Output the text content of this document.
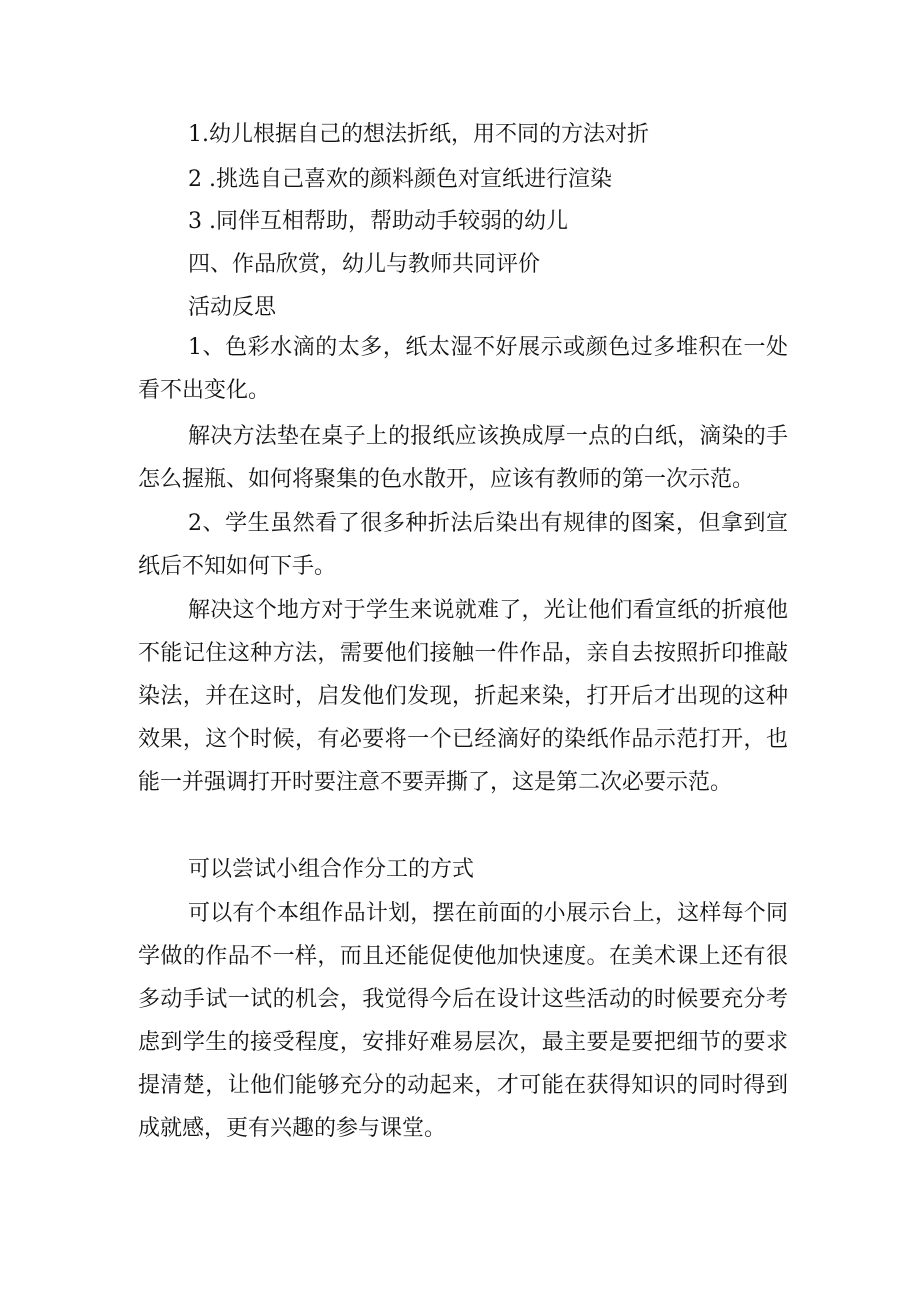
1.幼儿根据自己的想法折纸，用不同的方法对折
2 .挑选自己喜欢的颜料颜色对宣纸进行渲染
3 .同伴互相帮助，帮助动手较弱的幼儿
四、作品欣赏，幼儿与教师共同评价
活动反思

1、色彩水滴的太多，纸太湿不好展示或颜色过多堆积在一处看不出变化。

解决方法垫在桌子上的报纸应该换成厚一点的白纸，滴染的手怎么握瓶、如何将聚集的色水散开，应该有教师的第一次示范。

2、学生虽然看了很多种折法后染出有规律的图案，但拿到宣纸后不知如何下手。

解决这个地方对于学生来说就难了，光让他们看宣纸的折痕他不能记住这种方法，需要他们接触一件作品，亲自去按照折印推敲染法，并在这时，启发他们发现，折起来染，打开后才出现的这种效果，这个时候，有必要将一个已经滴好的染纸作品示范打开，也能一并强调打开时要注意不要弄撕了，这是第二次必要示范。

可以尝试小组合作分工的方式

可以有个本组作品计划，摆在前面的小展示台上，这样每个同学做的作品不一样，而且还能促使他加快速度。在美术课上还有很多动手试一试的机会，我觉得今后在设计这些活动的时候要充分考虑到学生的接受程度，安排好难易层次，最主要是要把细节的要求提清楚，让他们能够充分的动起来，才可能在获得知识的同时得到成就感，更有兴趣的参与课堂。
